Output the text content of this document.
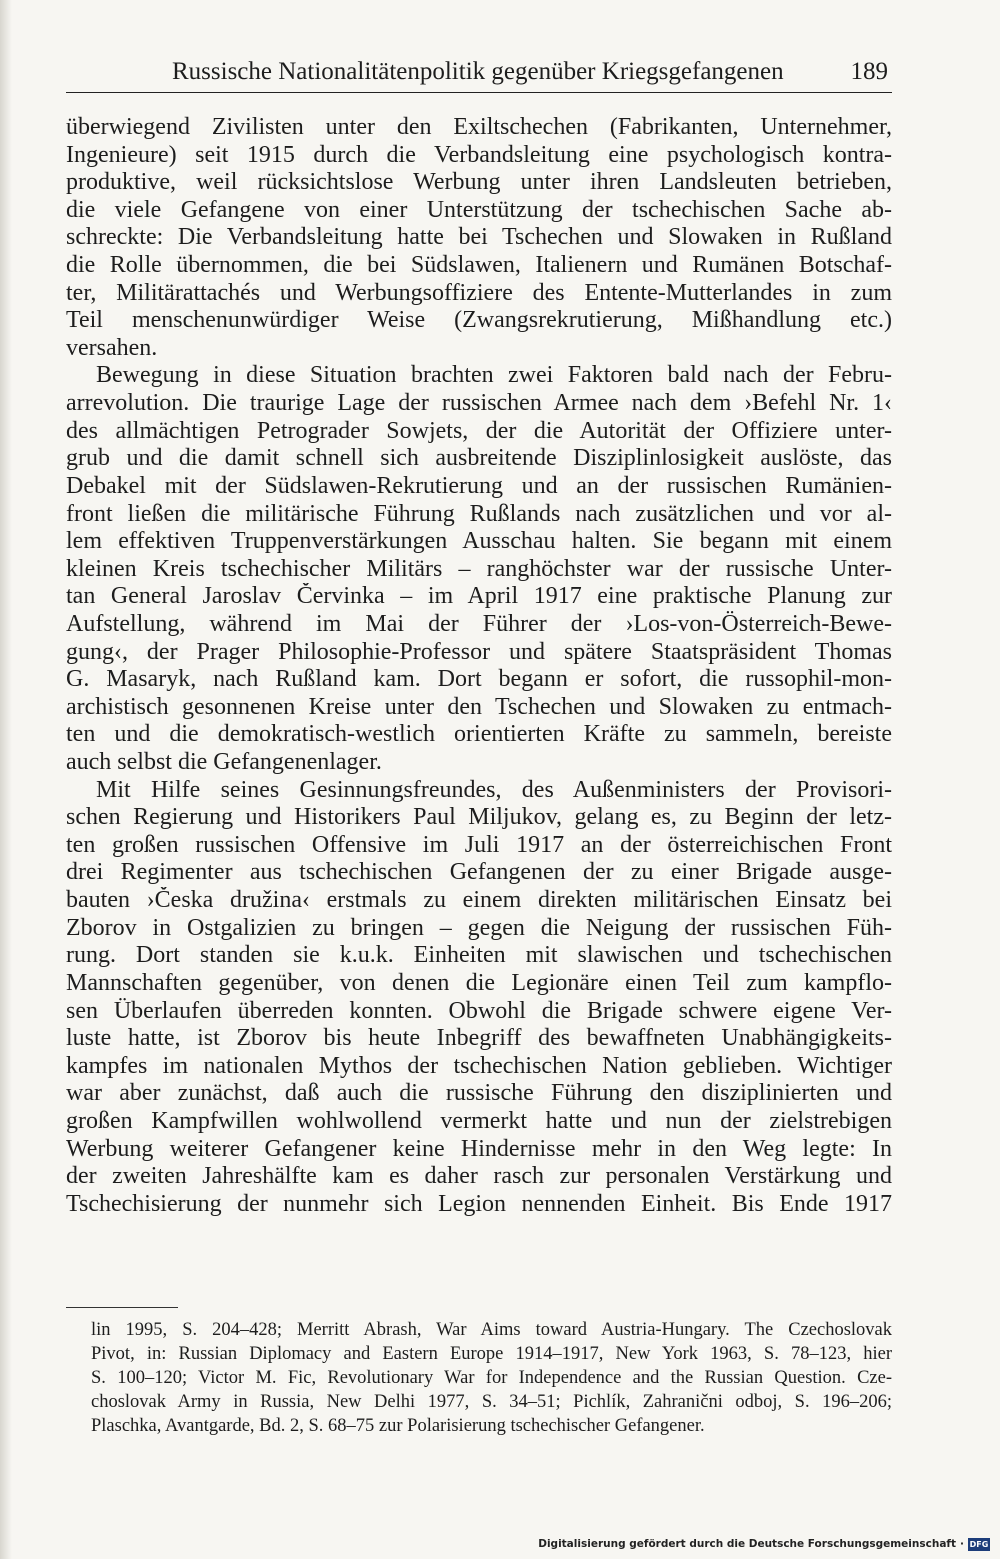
Russische Nationalitätenpolitik gegenüber Kriegsgefangenen	189
überwiegend Zivilisten unter den Exiltschechen (Fabrikanten, Unternehmer,
Ingenieure) seit 1915 durch die Verbandsleitung eine psychologisch kontra-
produktive, weil rücksichtslose Werbung unter ihren Landsleuten betrieben,
die viele Gefangene von einer Unterstützung der tschechischen Sache ab-
schreckte: Die Verbandsleitung hatte bei Tschechen und Slowaken in Rußland
die Rolle übernommen, die bei Südslawen, Italienern und Rumänen Botschaf-
ter, Militärattachés und Werbungsoffiziere des Entente-Mutterlandes in zum
Teil menschenunwürdiger Weise (Zwangsrekrutierung, Mißhandlung etc.)
versahen.
Bewegung in diese Situation brachten zwei Faktoren bald nach der Febru-
arrevolution. Die traurige Lage der russischen Armee nach dem ›Befehl Nr. 1‹
des allmächtigen Petrograder Sowjets, der die Autorität der Offiziere unter-
grub und die damit schnell sich ausbreitende Disziplinlosigkeit auslöste, das
Debakel mit der Südslawen-Rekrutierung und an der russischen Rumänien-
front ließen die militärische Führung Rußlands nach zusätzlichen und vor al-
lem effektiven Truppenverstärkungen Ausschau halten. Sie begann mit einem
kleinen Kreis tschechischer Militärs – ranghöchster war der russische Unter-
tan General Jaroslav Červinka – im April 1917 eine praktische Planung zur
Aufstellung, während im Mai der Führer der ›Los-von-Österreich-Bewe-
gung‹, der Prager Philosophie-Professor und spätere Staatspräsident Thomas
G. Masaryk, nach Rußland kam. Dort begann er sofort, die russophil-mon-
archistisch gesonnenen Kreise unter den Tschechen und Slowaken zu entmach-
ten und die demokratisch-westlich orientierten Kräfte zu sammeln, bereiste
auch selbst die Gefangenenlager.
Mit Hilfe seines Gesinnungsfreundes, des Außenministers der Provisori-
schen Regierung und Historikers Paul Miljukov, gelang es, zu Beginn der letz-
ten großen russischen Offensive im Juli 1917 an der österreichischen Front
drei Regimenter aus tschechischen Gefangenen der zu einer Brigade ausge-
bauten ›Česka družina‹ erstmals zu einem direkten militärischen Einsatz bei
Zborov in Ostgalizien zu bringen – gegen die Neigung der russischen Füh-
rung. Dort standen sie k.u.k. Einheiten mit slawischen und tschechischen
Mannschaften gegenüber, von denen die Legionäre einen Teil zum kampflo-
sen Überlaufen überreden konnten. Obwohl die Brigade schwere eigene Ver-
luste hatte, ist Zborov bis heute Inbegriff des bewaffneten Unabhängigkeits-
kampfes im nationalen Mythos der tschechischen Nation geblieben. Wichtiger
war aber zunächst, daß auch die russische Führung den disziplinierten und
großen Kampfwillen wohlwollend vermerkt hatte und nun der zielstrebigen
Werbung weiterer Gefangener keine Hindernisse mehr in den Weg legte: In
der zweiten Jahreshälfte kam es daher rasch zur personalen Verstärkung und
Tschechisierung der nunmehr sich Legion nennenden Einheit. Bis Ende 1917
lin 1995, S. 204–428; Merritt Abrash, War Aims toward Austria-Hungary. The Czechoslovak
Pivot, in: Russian Diplomacy and Eastern Europe 1914–1917, New York 1963, S. 78–123, hier
S. 100–120; Victor M. Fic, Revolutionary War for Independence and the Russian Question. Cze-
choslovak Army in Russia, New Delhi 1977, S. 34–51; Pichlík, Zahranični odboj, S. 196–206;
Plaschka, Avantgarde, Bd. 2, S. 68–75 zur Polarisierung tschechischer Gefangener.
Digitalisierung gefördert durch die Deutsche Forschungsgemeinschaft · DFG
